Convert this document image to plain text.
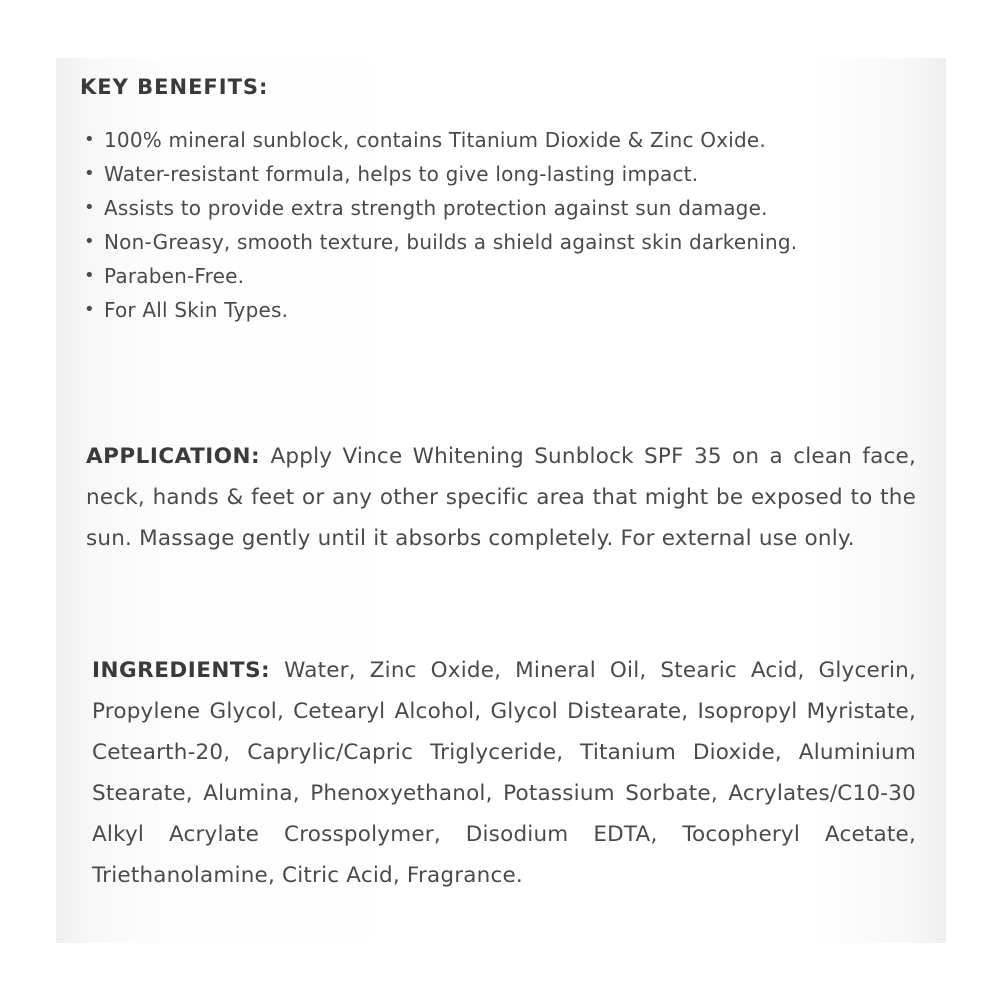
KEY BENEFITS:
• 100% mineral sunblock, contains Titanium Dioxide & Zinc Oxide.
• Water-resistant formula, helps to give long-lasting impact.
• Assists to provide extra strength protection against sun damage.
• Non-Greasy, smooth texture, builds a shield against skin darkening.
• Paraben-Free.
• For All Skin Types.

APPLICATION: Apply Vince Whitening Sunblock SPF 35 on a clean face, neck, hands & feet or any other specific area that might be exposed to the sun. Massage gently until it absorbs completely. For external use only.

INGREDIENTS: Water, Zinc Oxide, Mineral Oil, Stearic Acid, Glycerin, Propylene Glycol, Cetearyl Alcohol, Glycol Distearate, Isopropyl Myristate, Cetearth-20, Caprylic/Capric Triglyceride, Titanium Dioxide, Aluminium Stearate, Alumina, Phenoxyethanol, Potassium Sorbate, Acrylates/C10-30 Alkyl Acrylate Crosspolymer, Disodium EDTA, Tocopheryl Acetate, Triethanolamine, Citric Acid, Fragrance.
